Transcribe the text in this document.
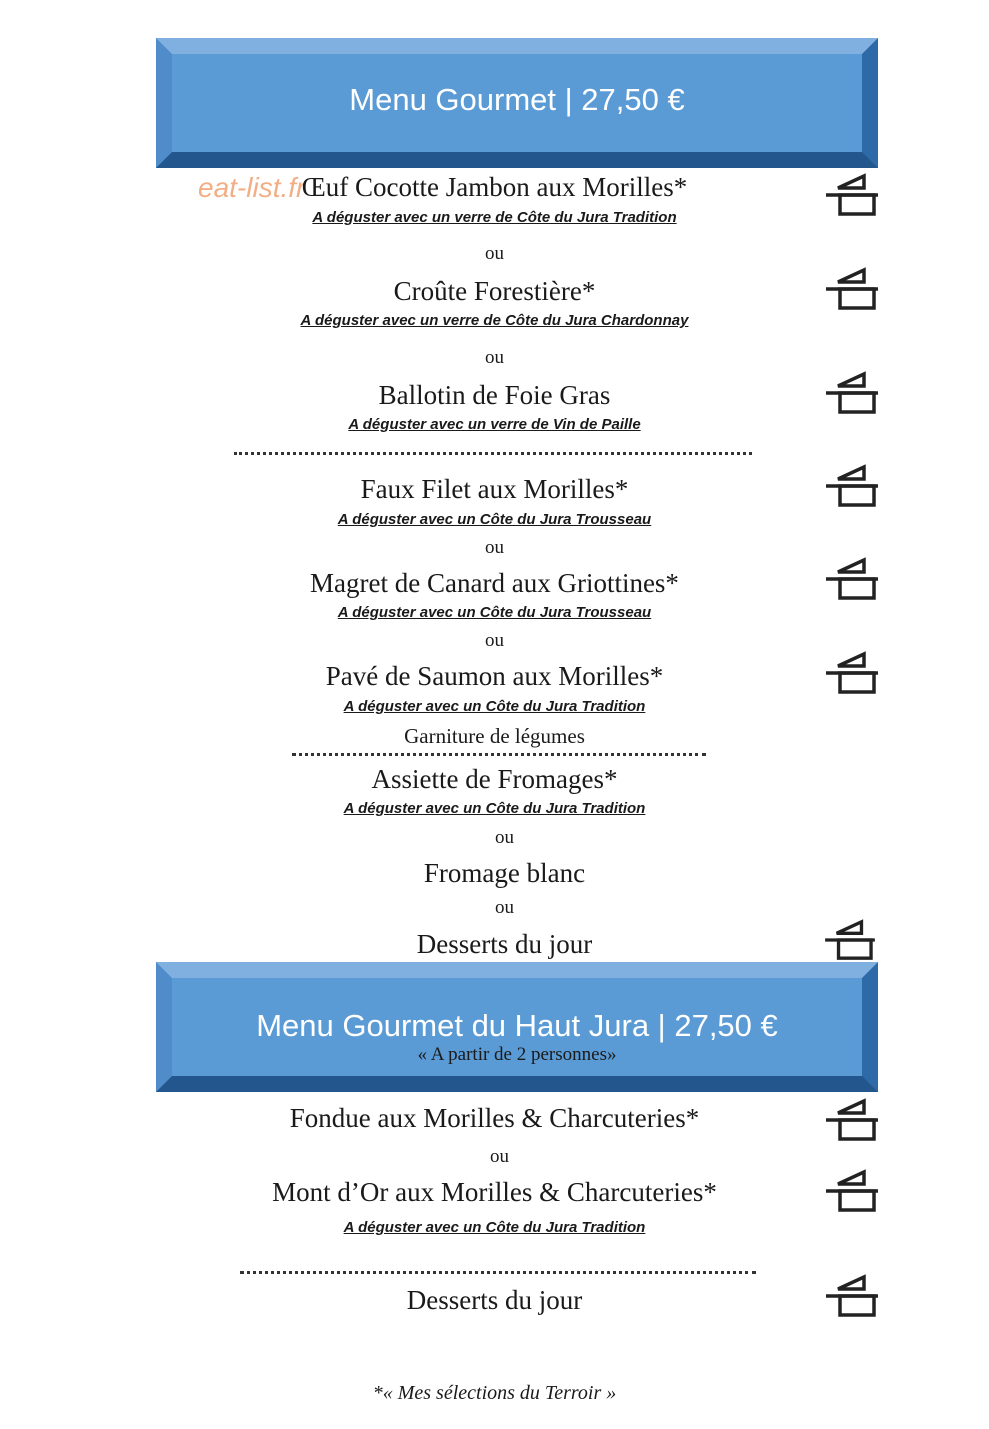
Menu Gourmet | 27,50 €
eat-list.fr
Œuf Cocotte Jambon aux Morilles*
A déguster avec un verre de Côte du Jura Tradition
ou
Croûte Forestière*
A déguster avec un verre de Côte du Jura Chardonnay
ou
Ballotin de Foie Gras
A déguster avec un verre de Vin de Paille
Faux Filet aux Morilles*
A déguster avec un Côte du Jura Trousseau
ou
Magret de Canard aux Griottines*
A déguster avec un Côte du Jura Trousseau
ou
Pavé de Saumon aux Morilles*
A déguster avec un Côte du Jura Tradition
Garniture de légumes
Assiette de Fromages*
A déguster avec un Côte du Jura Tradition
ou
Fromage blanc
ou
Desserts du jour
Menu Gourmet du Haut Jura | 27,50 €
« A partir de 2 personnes»
Fondue aux Morilles & Charcuteries*
ou
Mont d’Or aux Morilles & Charcuteries*
A déguster avec un Côte du Jura Tradition
Desserts du jour
*« Mes sélections du Terroir »
